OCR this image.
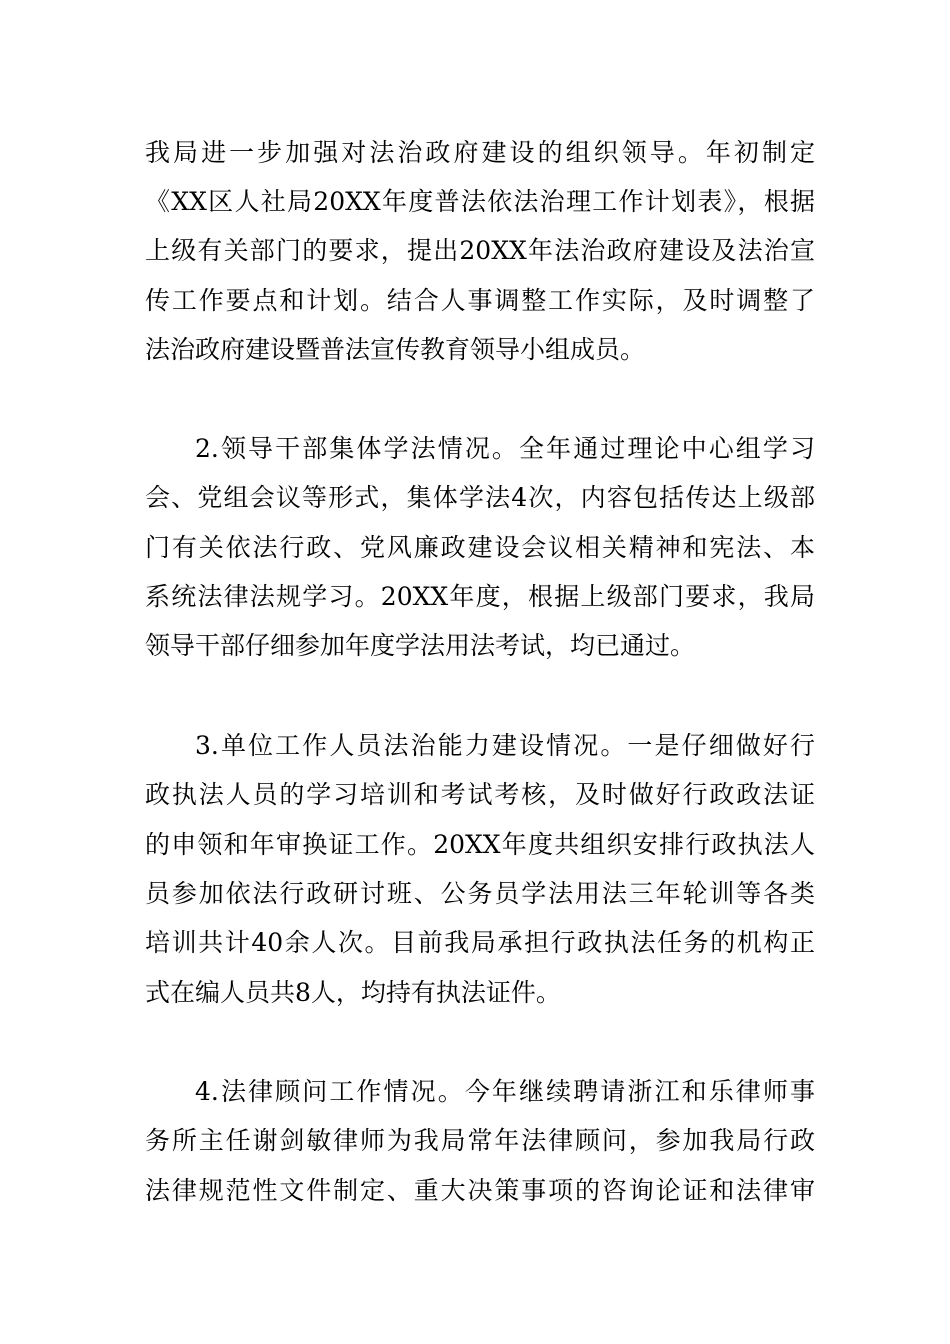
我局进一步加强对法治政府建设的组织领导。年初制定
《XX区人社局20XX年度普法依法治理工作计划表》，根据
上级有关部门的要求，提出20XX年法治政府建设及法治宣
传工作要点和计划。结合人事调整工作实际，及时调整了
法治政府建设暨普法宣传教育领导小组成员。
2.领导干部集体学法情况。全年通过理论中心组学习
会、党组会议等形式，集体学法4次，内容包括传达上级部
门有关依法行政、党风廉政建设会议相关精神和宪法、本
系统法律法规学习。20XX年度，根据上级部门要求，我局
领导干部仔细参加年度学法用法考试，均已通过。
3.单位工作人员法治能力建设情况。一是仔细做好行
政执法人员的学习培训和考试考核，及时做好行政政法证
的申领和年审换证工作。20XX年度共组织安排行政执法人
员参加依法行政研讨班、公务员学法用法三年轮训等各类
培训共计40余人次。目前我局承担行政执法任务的机构正
式在编人员共8人，均持有执法证件。
4.法律顾问工作情况。今年继续聘请浙江和乐律师事
务所主任谢剑敏律师为我局常年法律顾问，参加我局行政
法律规范性文件制定、重大决策事项的咨询论证和法律审
